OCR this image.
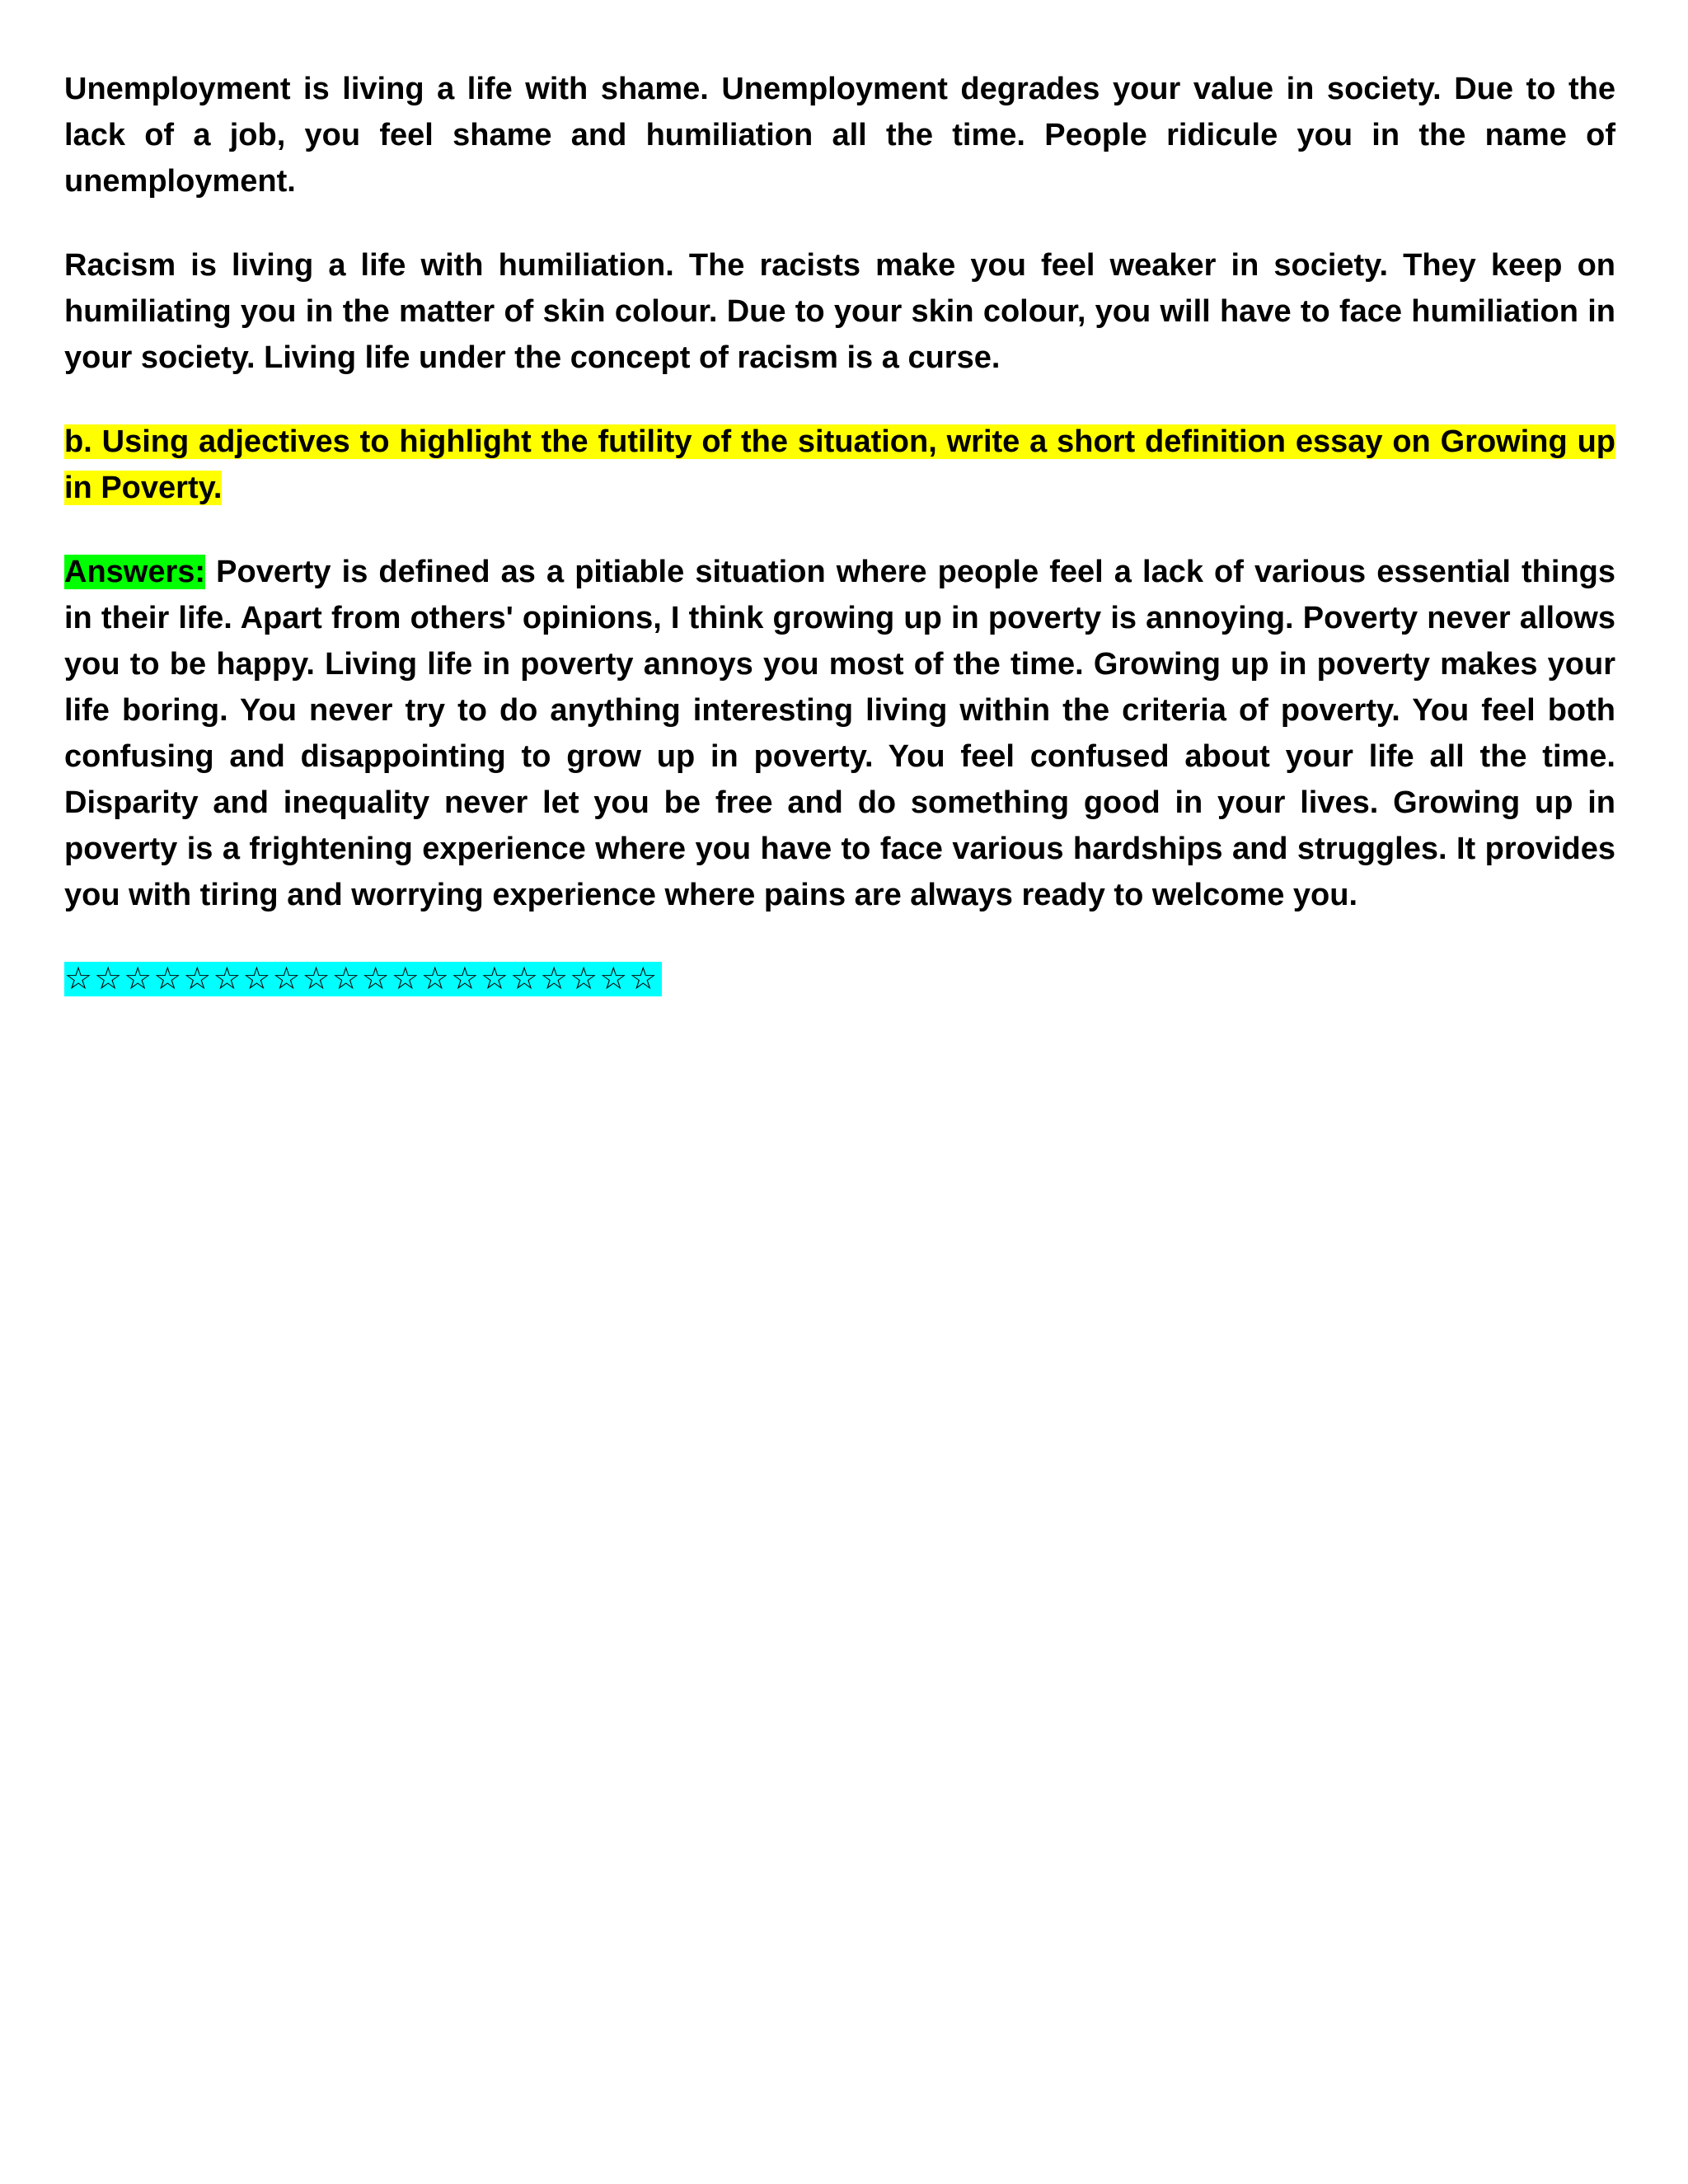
Unemployment is living a life with shame. Unemployment degrades your value in society. Due to the lack of a job, you feel shame and humiliation all the time. People ridicule you in the name of unemployment.

Racism is living a life with humiliation. The racists make you feel weaker in society. They keep on humiliating you in the matter of skin colour. Due to your skin colour, you will have to face humiliation in your society. Living life under the concept of racism is a curse.

b. Using adjectives to highlight the futility of the situation, write a short definition essay on Growing up in Poverty.

Answers: Poverty is defined as a pitiable situation where people feel a lack of various essential things in their life. Apart from others' opinions, I think growing up in poverty is annoying. Poverty never allows you to be happy. Living life in poverty annoys you most of the time. Growing up in poverty makes your life boring. You never try to do anything interesting living within the criteria of poverty. You feel both confusing and disappointing to grow up in poverty. You feel confused about your life all the time. Disparity and inequality never let you be free and do something good in your lives. Growing up in poverty is a frightening experience where you have to face various hardships and struggles. It provides you with tiring and worrying experience where pains are always ready to welcome you.

☆☆☆☆☆☆☆☆☆☆☆☆☆☆☆☆☆☆☆☆
